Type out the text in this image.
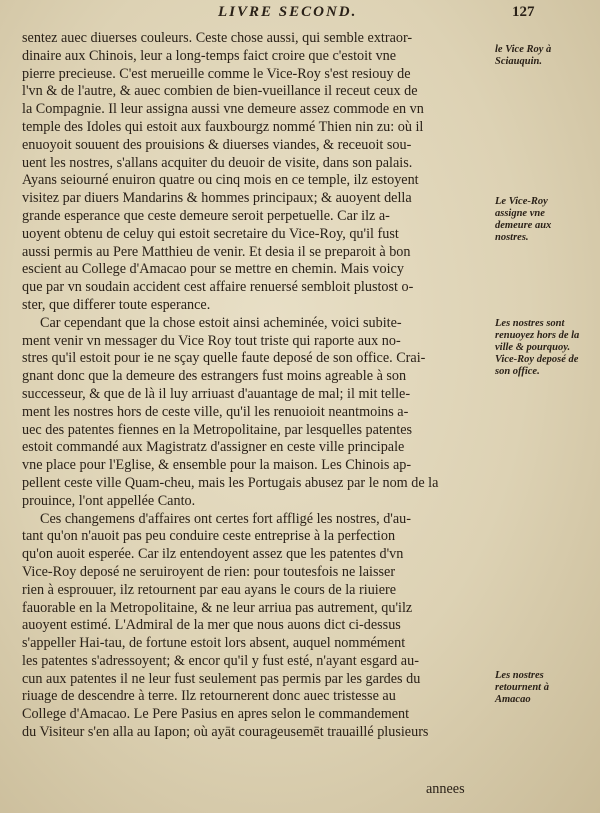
LIVRE SECOND.	127

sentez auec diuerses couleurs. Ceste chose aussi, qui semble extraor-
dinaire aux Chinois, leur a long-temps faict croire que c'estoit vne
pierre precieuse. C'est merueille comme le Vice-Roy s'est resiouy de
l'vn & de l'autre, & auec combien de bien-vueillance il receut ceux de
la Compagnie. Il leur assigna aussi vne demeure assez commode en vn
temple des Idoles qui estoit aux fauxbourgz nommé Thien nin zu: où il
enuoyoit souuent des prouisions & diuerses viandes, & receuoit sou-
uent les nostres, s'allans acquiter du deuoir de visite, dans son palais.
Ayans seiourné enuiron quatre ou cinq mois en ce temple, ilz estoyent
visitez par diuers Mandarins & hommes principaux; & auoyent della
grande esperance que ceste demeure seroit perpetuelle. Car ilz a-
uoyent obtenu de celuy qui estoit secretaire du Vice-Roy, qu'il fust
aussi permis au Pere Matthieu de venir. Et desia il se preparoit à bon
escient au College d'Amacao pour se mettre en chemin. Mais voicy
que par vn soudain accident cest affaire renuersé sembloit plustost o-
ster, que differer toute esperance.

Car cependant que la chose estoit ainsi acheminée, voici subite-
ment venir vn messager du Vice Roy tout triste qui raporte aux no-
stres qu'il estoit pour ie ne sçay quelle faute deposé de son office. Crai-
gnant donc que la demeure des estrangers fust moins agreable à son
successeur, & que de là il luy arriuast d'auantage de mal; il mit telle-
ment les nostres hors de ceste ville, qu'il les renuoioit neantmoins a-
uec des patentes fiennes en la Metropolitaine, par lesquelles patentes
estoit commandé aux Magistratz d'assigner en ceste ville principale
vne place pour l'Eglise, & ensemble pour la maison. Les Chinois ap-
pellent ceste ville Quam-cheu, mais les Portugais abusez par le nom de la
prouince, l'ont appellée Canto.

Ces changemens d'affaires ont certes fort affligé les nostres, d'au-
tant qu'on n'auoit pas peu conduire ceste entreprise à la perfection
qu'on auoit esperée. Car ilz entendoyent assez que les patentes d'vn
Vice-Roy deposé ne seruiroyent de rien: pour toutesfois ne laisser
rien à esprouuer, ilz retournent par eau ayans le cours de la riuiere
fauorable en la Metropolitaine, & ne leur arriua pas autrement, qu'ilz
auoyent estimé. L'Admiral de la mer que nous auons dict ci-dessus
s'appeller Hai-tau, de fortune estoit lors absent, auquel nommément
les patentes s'adressoyent; & encor qu'il y fust esté, n'ayant esgard au-
cun aux patentes il ne leur fust seulement pas permis par les gardes du
riuage de descendre à terre. Ilz retournerent donc auec tristesse au
College d'Amacao. Le Pere Pasius en apres selon le commandement
du Visiteur s'en alla au Iapon; où ayāt courageusemēt trauaillé plusieurs

annees
le Vice Roy à Sciauquin.
Le Vice-Roy assigne vne demeure aux nostres.
Les nostres sont renuoyez hors de la ville & pourquoy. Vice-Roy deposé de son office.
Les nostres retournent à Amacao
